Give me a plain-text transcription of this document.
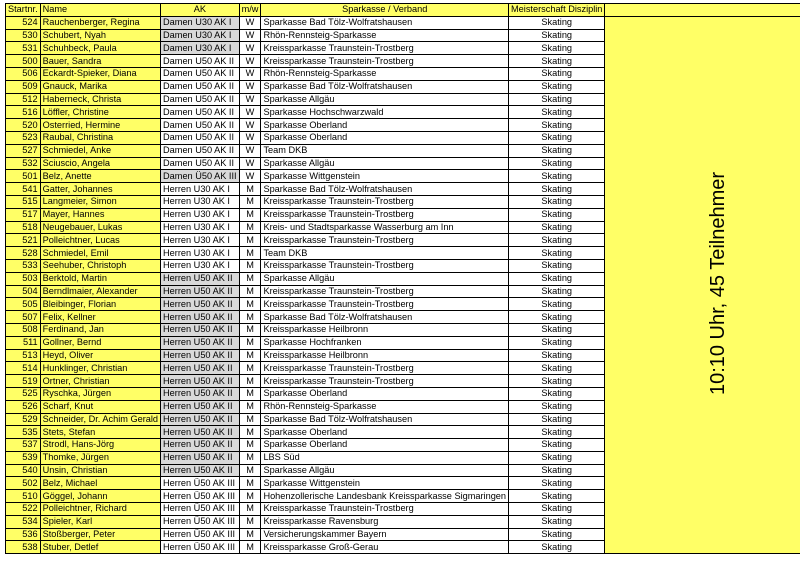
Startnr.	Name	AK	m/w	Sparkasse / Verband	Meisterschaft Disziplin	
524	Rauchenberger, Regina	Damen U30 AK I	W	Sparkasse Bad Tölz-Wolfratshausen	Skating	10:10 Uhr, 45 Teilnehmer
530	Schubert, Nyah	Damen U30 AK I	W	Rhön-Rennsteig-Sparkasse	Skating	
531	Schuhbeck, Paula	Damen U30 AK I	W	Kreissparkasse Traunstein-Trostberg	Skating	
500	Bauer, Sandra	Damen U50 AK II	W	Kreissparkasse Traunstein-Trostberg	Skating	
506	Eckardt-Spieker, Diana	Damen U50 AK II	W	Rhön-Rennsteig-Sparkasse	Skating	
509	Gnauck, Marika	Damen U50 AK II	W	Sparkasse Bad Tölz-Wolfratshausen	Skating	
512	Haberneck, Christa	Damen U50 AK II	W	Sparkasse Allgäu	Skating	
516	Löffler, Christine	Damen U50 AK II	W	Sparkasse Hochschwarzwald	Skating	
520	Osterried, Hermine	Damen U50 AK II	W	Sparkasse Oberland	Skating	
523	Raubal, Christina	Damen U50 AK II	W	Sparkasse Oberland	Skating	
527	Schmiedel, Anke	Damen U50 AK II	W	Team DKB	Skating	
532	Sciuscio, Angela	Damen U50 AK II	W	Sparkasse Allgäu	Skating	
501	Belz, Anette	Damen Ü50 AK III	W	Sparkasse Wittgenstein	Skating	
541	Gatter, Johannes	Herren U30 AK I	M	Sparkasse Bad Tölz-Wolfratshausen	Skating	
515	Langmeier, Simon	Herren U30 AK I	M	Kreissparkasse Traunstein-Trostberg	Skating	
517	Mayer, Hannes	Herren U30 AK I	M	Kreissparkasse Traunstein-Trostberg	Skating	
518	Neugebauer, Lukas	Herren U30 AK I	M	Kreis- und Stadtsparkasse Wasserburg am Inn	Skating	
521	Polleichtner, Lucas	Herren U30 AK I	M	Kreissparkasse Traunstein-Trostberg	Skating	
528	Schmiedel, Emil	Herren U30 AK I	M	Team DKB	Skating	
533	Seehuber, Christoph	Herren U30 AK I	M	Kreissparkasse Traunstein-Trostberg	Skating	
503	Berktold, Martin	Herren U50 AK II	M	Sparkasse Allgäu	Skating	
504	Berndlmaier, Alexander	Herren U50 AK II	M	Kreissparkasse Traunstein-Trostberg	Skating	
505	Bleibinger, Florian	Herren U50 AK II	M	Kreissparkasse Traunstein-Trostberg	Skating	
507	Felix, Kellner	Herren U50 AK II	M	Sparkasse Bad Tölz-Wolfratshausen	Skating	
508	Ferdinand, Jan	Herren U50 AK II	M	Kreissparkasse Heilbronn	Skating	
511	Gollner, Bernd	Herren U50 AK II	M	Sparkasse Hochfranken	Skating	
513	Heyd, Oliver	Herren U50 AK II	M	Kreissparkasse Heilbronn	Skating	
514	Hunklinger, Christian	Herren U50 AK II	M	Kreissparkasse Traunstein-Trostberg	Skating	
519	Ortner, Christian	Herren U50 AK II	M	Kreissparkasse Traunstein-Trostberg	Skating	
525	Ryschka, Jürgen	Herren U50 AK II	M	Sparkasse Oberland	Skating	
526	Scharf, Knut	Herren U50 AK II	M	Rhön-Rennsteig-Sparkasse	Skating	
529	Schneider, Dr. Achim Gerald	Herren U50 AK II	M	Sparkasse Bad Tölz-Wolfratshausen	Skating	
535	Stets, Stefan	Herren U50 AK II	M	Sparkasse Oberland	Skating	
537	Strodl, Hans-Jörg	Herren U50 AK II	M	Sparkasse Oberland	Skating	
539	Thomke, Jürgen	Herren U50 AK II	M	LBS Süd	Skating	
540	Unsin, Christian	Herren U50 AK II	M	Sparkasse Allgäu	Skating	
502	Belz, Michael	Herren Ü50 AK III	M	Sparkasse Wittgenstein	Skating	
510	Göggel, Johann	Herren Ü50 AK III	M	Hohenzollerische Landesbank Kreissparkasse Sigmaringen	Skating	
522	Polleichtner, Richard	Herren Ü50 AK III	M	Kreissparkasse Traunstein-Trostberg	Skating	
534	Spieler, Karl	Herren Ü50 AK III	M	Kreissparkasse Ravensburg	Skating	
536	Stoßberger, Peter	Herren Ü50 AK III	M	Versicherungskammer Bayern	Skating	
538	Stuber, Detlef	Herren Ü50 AK III	M	Kreissparkasse Groß-Gerau	Skating	
